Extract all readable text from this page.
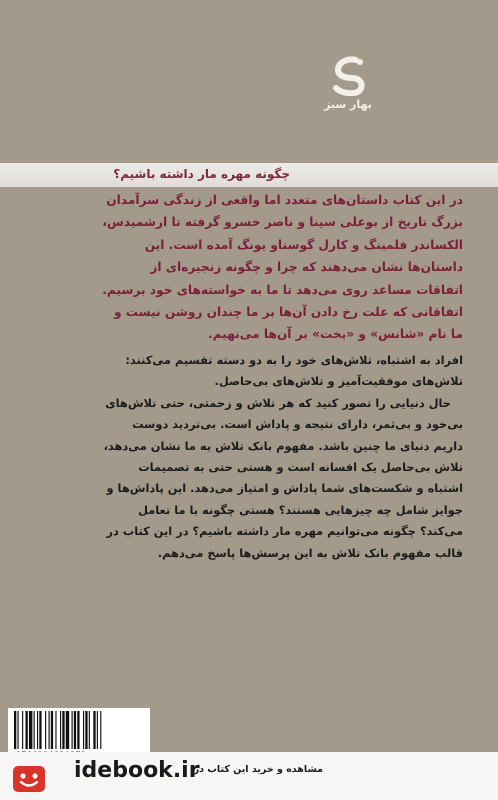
بهار سبز
چگونه مهره مار داشته باشیم؟
در این کتاب داستان‌های متعدد اما واقعی از زندگی سرآمدان
بزرگ تاریخ از بوعلی سینا و ناصر خسرو گرفته تا ارشمیدس،
الکساندر فلمینگ و کارل گوستاو یونگ آمده است. این
داستان‌ها نشان می‌دهند که چرا و چگونه زنجیره‌ای از
اتفاقات مساعد روی می‌دهد تا ما به خواسته‌های خود برسیم.
اتفاقاتی که علت رخ دادن آن‌ها بر ما چندان روشن نیست و
ما نام «شانس» و «بخت» بر آن‌ها می‌نهیم.
افراد به اشتباه، تلاش‌های خود را به دو دسته تقسیم می‌کنند:
تلاش‌های موفقیت‌آمیز و تلاش‌های بی‌حاصل.
حال دنیایی را تصور کنید که هر تلاش و زحمتی، حتی تلاش‌های
بی‌خود و بی‌ثمر، دارای نتیجه و پاداش است. بی‌تردید دوست
داریم دنیای ما چنین باشد. مفهوم بانک تلاش به ما نشان می‌دهد،
تلاش بی‌حاصل یک افسانه است و هستی حتی به تصمیمات
اشتباه و شکست‌های شما پاداش و امتیاز می‌دهد. این پاداش‌ها و
جوایز شامل چه چیزهایی هستند؟ هستی چگونه با ما تعامل
می‌کند؟ چگونه می‌توانیم مهره مار داشته باشیم؟ در این کتاب در
قالب مفهوم بانک تلاش به این پرسش‌ها پاسخ می‌دهم.
idebook.ir
مشاهده و خرید این کتاب در:
